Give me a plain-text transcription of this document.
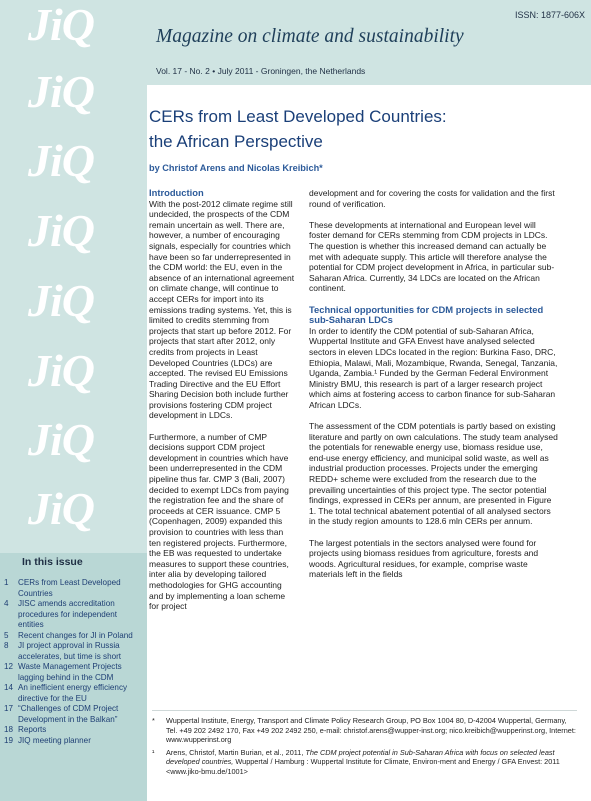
JiQ
JiQ
JiQ
JiQ
JiQ
JiQ
JiQ
JiQ
In this issue
1	CERs from Least Developed Countries
4	JISC amends accreditation procedures for independent entities
5	Recent changes for JI in Poland
8	JI project approval in Russia accelerates, but time is short
12 Waste Management Projects lagging behind in the CDM
14 An inefficient energy efficiency directive for the EU
17 “Challenges of CDM Project Development in the Balkan”
18 Reports
19 JIQ meeting planner
ISSN: 1877-606X
Magazine on climate and sustainability
Vol. 17 - No. 2 • July 2011 - Groningen, the Netherlands
CERs from Least Developed Countries:
the African Perspective
by Christof Arens and Nicolas Kreibich*
Introduction

With the post-2012 climate regime still undecided, the prospects of the CDM remain uncertain as well. There are, however, a number of encouraging signals, especially for countries which have been so far underrepresented in the CDM world: the EU, even in the absence of an international agreement on climate change, will continue to accept CERs for import into its emissions trading systems. Yet, this is limited to credits stemming from projects that start up before 2012. For projects that start after 2012, only credits from projects in Least Developed Countries (LDCs) are accepted. The revised EU Emissions Trading Directive and the EU Effort Sharing Decision both include further provisions fostering CDM project development in LDCs.

Furthermore, a number of CMP decisions support CDM project development in countries which have been underrepresented in the CDM pipeline thus far. CMP 3 (Bali, 2007) decided to exempt LDCs from paying the registration fee and the share of proceeds at CER issuance. CMP 5 (Copenhagen, 2009) expanded this provision to countries with less than ten registered projects. Furthermore, the EB was requested to undertake measures to support these countries, inter alia by developing tailored methodologies for GHG accounting and by implementing a loan scheme for project

development and for covering the costs for validation and the first round of verification.

These developments at international and European level will foster demand for CERs stemming from CDM projects in LDCs. The question is whether this increased demand can actually be met with adequate supply. This article will therefore analyse the potential for CDM project development in Africa, in particular sub-Saharan Africa. Currently, 34 LDCs are located on the African continent.

Technical opportunities for CDM projects in selected sub-Saharan LDCs

In order to identify the CDM potential of sub-Saharan Africa, Wuppertal Institute and GFA Envest have analysed selected sectors in eleven LDCs located in the region: Burkina Faso, DRC, Ethiopia, Malawi, Mali, Mozambique, Rwanda, Senegal, Tanzania, Uganda, Zambia.¹ Funded by the German Federal Environment Ministry BMU, this research is part of a larger research project which aims at fostering access to carbon finance for sub-Saharan African LDCs.

The assessment of the CDM potentials is partly based on existing literature and partly on own calculations. The study team analysed the potentials for renewable energy use, biomass residue use, end-use energy efficiency, and municipal solid waste, as well as industrial production processes. Projects under the emerging REDD+ scheme were excluded from the research due to the prevailing uncertainties of this project type. The sector potential findings, expressed in CERs per annum, are presented in Figure 1. The total technical abatement potential of all analysed sectors in the study region amounts to 128.6 mln CERs per annum.

The largest potentials in the sectors analysed were found for projects using biomass residues from agriculture, forests and woods. Agricultural residues, for example, comprise waste materials left in the fields

*	Wuppertal Institute, Energy, Transport and Climate Policy Research Group, PO Box 1004 80, D-42004 Wuppertal, Germany, Tel. +49 202 2492 170, Fax +49 202 2492 250, e-mail: christof.arens@wupper-inst.org; nico.kreibich@wupperinst.org, Internet: www.wupperinst.org
¹	Arens, Christof, Martin Burian, et al., 2011, The CDM project potential in Sub-Saharan Africa with focus on selected least developed countries, Wuppertal / Hamburg : Wuppertal Institute for Climate, Environ-ment and Energy / GFA Envest: 2011 <www.jiko-bmu.de/1001>
